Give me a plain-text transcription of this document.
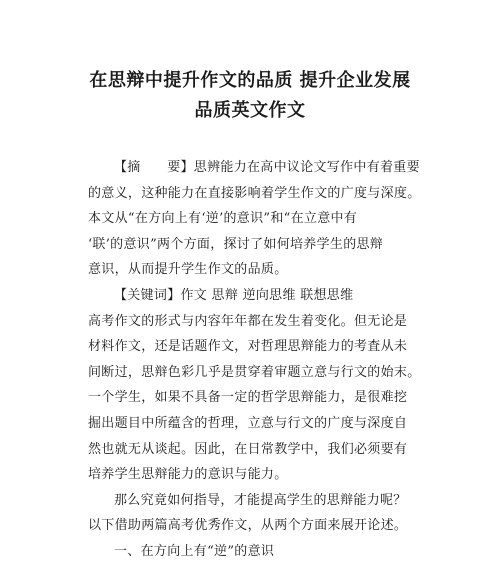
在思辩中提升作文的品质 提升企业发展
品质英文作文
【摘　　要】思辨能力在高中议论文写作中有着重要
的意义，这种能力在直接影响着学生作文的广度与深度。
本文从“在方向上有‘逆’的意识”和“在立意中有
‘联’的意识”两个方面，探讨了如何培养学生的思辩
意识，从而提升学生作文的品质。
【关键词】作文 思辩 逆向思维 联想思维
高考作文的形式与内容年年都在发生着变化。但无论是
材料作文，还是话题作文，对哲理思辩能力的考査从未
间断过，思辩色彩几乎是贯穿着审题立意与行文的始末。
一个学生，如果不具备一定的哲学思辩能力，是很难挖
掘出题目中所蕴含的哲理，立意与行文的广度与深度自
然也就无从谈起。因此，在日常教学中，我们必须要有
培养学生思辩能力的意识与能力。
那么究竟如何指导，才能提高学生的思辩能力呢？
以下借助两篇高考优秀作文，从两个方面来展开论述。
一、在方向上有“逆”的意识
